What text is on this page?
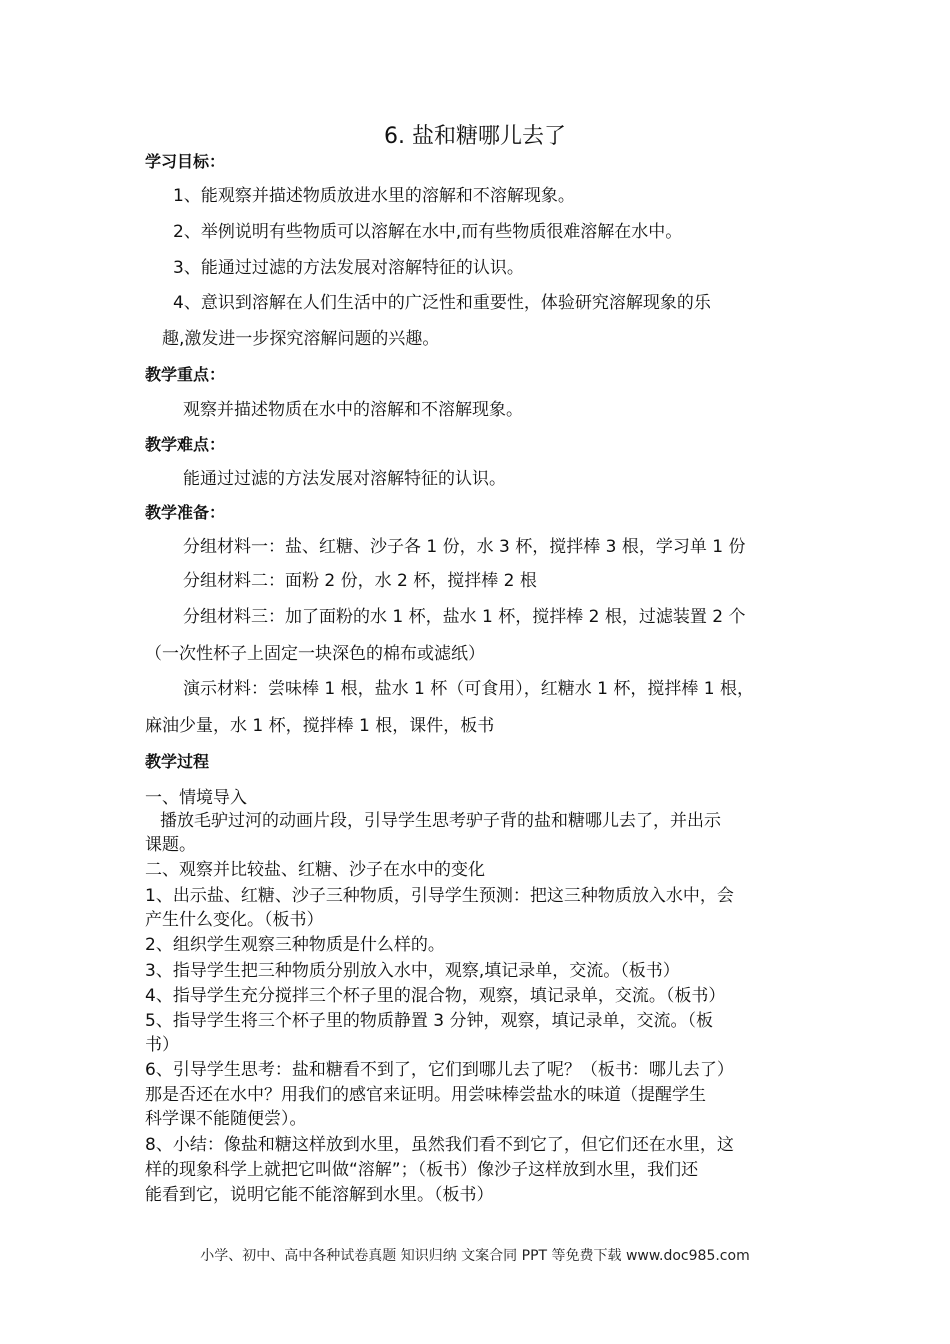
6. 盐和糖哪儿去了
学习目标：
1、能观察并描述物质放进水里的溶解和不溶解现象。
2、举例说明有些物质可以溶解在水中,而有些物质很难溶解在水中。
3、能通过过滤的方法发展对溶解特征的认识。
4、意识到溶解在人们生活中的广泛性和重要性，体验研究溶解现象的乐
趣,激发进一步探究溶解问题的兴趣。
教学重点：
观察并描述物质在水中的溶解和不溶解现象。
教学难点：
能通过过滤的方法发展对溶解特征的认识。
教学准备：
分组材料一：盐、红糖、沙子各 1 份，水 3 杯，搅拌棒 3 根，学习单 1 份
分组材料二：面粉 2 份，水 2 杯，搅拌棒 2 根
分组材料三：加了面粉的水 1 杯，盐水 1 杯，搅拌棒 2 根，过滤装置 2 个
（一次性杯子上固定一块深色的棉布或滤纸）
演示材料：尝味棒 1 根，盐水 1 杯（可食用），红糖水 1 杯，搅拌棒 1 根，
麻油少量，水 1 杯，搅拌棒 1 根，课件，板书
教学过程
一、情境导入
播放毛驴过河的动画片段，引导学生思考驴子背的盐和糖哪儿去了，并出示
课题。
二、观察并比较盐、红糖、沙子在水中的变化
1、出示盐、红糖、沙子三种物质，引导学生预测：把这三种物质放入水中，会
产生什么变化。（板书）
2、组织学生观察三种物质是什么样的。
3、指导学生把三种物质分别放入水中，观察,填记录单，交流。（板书）
4、指导学生充分搅拌三个杯子里的混合物，观察，填记录单，交流。（板书）
5、指导学生将三个杯子里的物质静置 3 分钟，观察，填记录单，交流。（板
书）
6、引导学生思考：盐和糖看不到了，它们到哪儿去了呢？（板书：哪儿去了）
那是否还在水中？用我们的感官来证明。用尝味棒尝盐水的味道（提醒学生
科学课不能随便尝）。
8、小结：像盐和糖这样放到水里，虽然我们看不到它了，但它们还在水里，这
样的现象科学上就把它叫做“溶解”；（板书）像沙子这样放到水里，我们还
能看到它，说明它能不能溶解到水里。（板书）
小学、初中、高中各种试卷真题 知识归纳 文案合同 PPT 等免费下载 www.doc985.com
